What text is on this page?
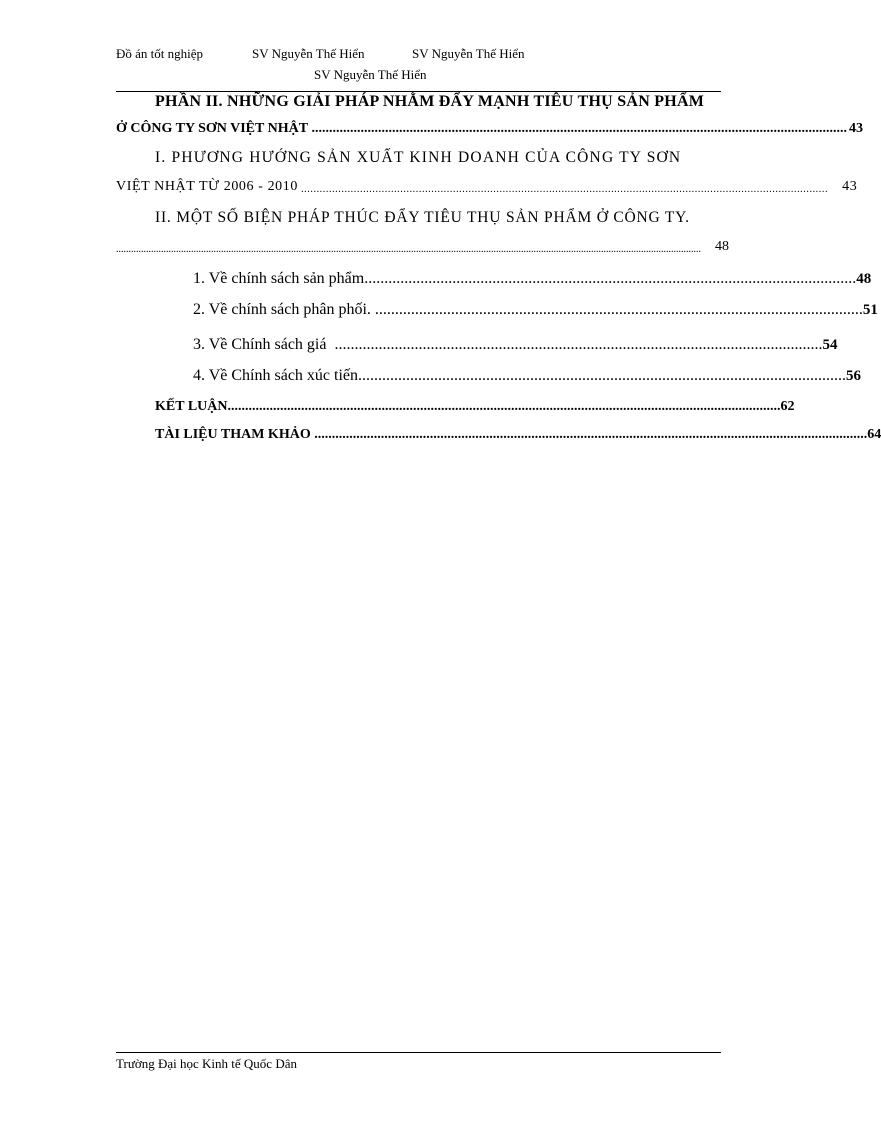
Đồ án tốt nghiệp	SV Nguyễn Thế Hiển	SV Nguyễn Thế Hiển
SV Nguyễn Thế Hiển
PHẦN II. NHỮNG GIẢI PHÁP NHẰM ĐẨY MẠNH TIÊU THỤ SẢN PHẨM
Ở CÔNG TY SƠN VIỆT NHẬT ......................................................................................................................................................... 43
I. PHƯƠNG HƯỚNG SẢN XUẤT KINH DOANH CỦA CÔNG TY SƠN
VIỆT NHẬT TỪ 2006 - 2010 ..........................................................................................................................................................................	43
II. MỘT SỐ BIỆN PHÁP THÚC ĐẨY TIÊU THỤ SẢN PHẨM Ở CÔNG TY.
..........................................................................................................................................................................................................................................	48
1. Về chính sách sản phẩm. .......................................................................................................................... 48
2. Về chính sách phân phối. .......................................................................................................................... 51
3. Về Chính sách giá .......................................................................................................................... 54
4. Về Chính sách xúc tiến .......................................................................................................................... 56
KẾT LUẬN .............................................................................................................................................................. 62
TÀI LIỆU THAM KHẢO .............................................................................................................................................................. 64
Trường Đại học Kinh tế Quốc Dân
